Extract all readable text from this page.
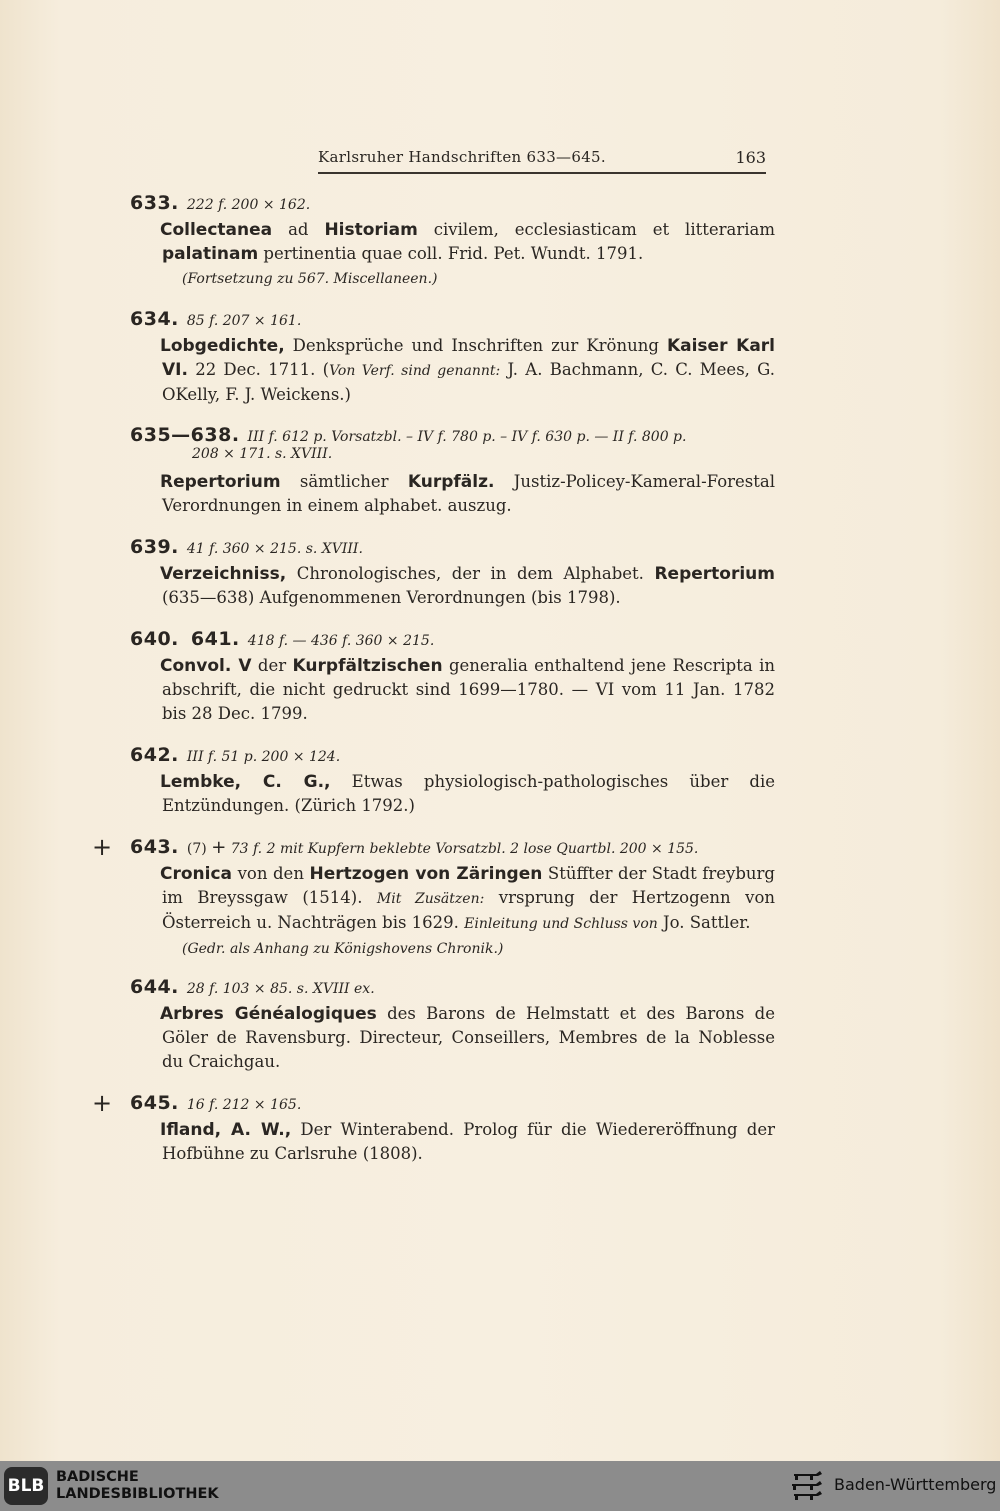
Karlsruher Handschriften 633—645.	163
633. 222 f. 200 × 162.
Collectanea ad Historiam civilem, ecclesiasticam et litterariam palatinam pertinentia quae coll. Frid. Pet. Wundt. 1791.
(Fortsetzung zu 567. Miscellaneen.)
634. 85 f. 207 × 161.
Lobgedichte, Denksprüche und Inschriften zur Krönung Kaiser Karl VI. 22 Dec. 1711. (Von Verf. sind genannt: J. A. Bachmann, C. C. Mees, G. OKelly, F. J. Weickens.)
635—638. III f. 612 p. Vorsatzbl. – IV f. 780 p. – IV f. 630 p. — II f. 800 p.
208 × 171. s. XVIII.
Repertorium sämtlicher Kurpfälz. Justiz-Policey-Kameral-Forestal Verordnungen in einem alphabet. auszug.
639. 41 f. 360 × 215. s. XVIII.
Verzeichniss, Chronologisches, der in dem Alphabet. Repertorium (635—638) Aufgenommenen Verordnungen (bis 1798).
640. 641. 418 f. — 436 f. 360 × 215.
Convol. V der Kurpfältzischen generalia enthaltend jene Rescripta in abschrift, die nicht gedruckt sind 1699—1780. — VI vom 11 Jan. 1782 bis 28 Dec. 1799.
642. III f. 51 p. 200 × 124.
Lembke, C. G., Etwas physiologisch-pathologisches über die Entzündungen. (Zürich 1792.)
+ 643. (7) + 73 f. 2 mit Kupfern beklebte Vorsatzbl. 2 lose Quartbl. 200 × 155.
Cronica von den Hertzogen von Zäringen Stüffter der Stadt freyburg im Breyssgaw (1514). Mit Zusätzen: vrsprung der Hertzogenn von Österreich u. Nachträgen bis 1629. Einleitung und Schluss von Jo. Sattler.
(Gedr. als Anhang zu Königshovens Chronik.)
644. 28 f. 103 × 85. s. XVIII ex.
Arbres Généalogiques des Barons de Helmstatt et des Barons de Göler de Ravensburg. Directeur, Conseillers, Membres de la Noblesse du Craichgau.
+ 645. 16 f. 212 × 165.
Ifland, A. W., Der Winterabend. Prolog für die Wiedereröffnung der Hofbühne zu Carlsruhe (1808).
BLB BADISCHE
LANDESBIBLIOTHEK	Baden-Württemberg
